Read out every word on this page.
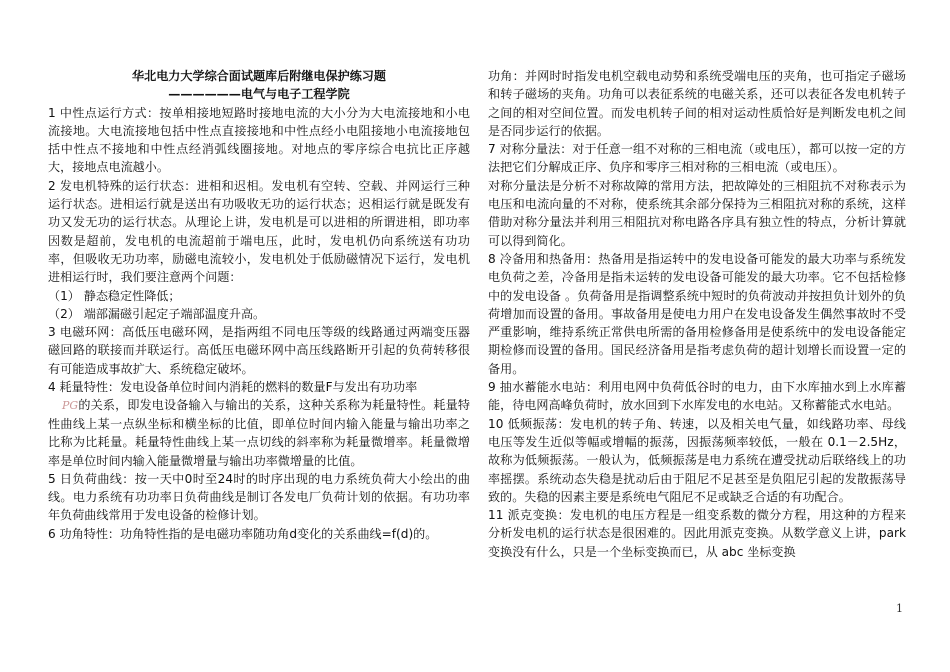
华北电力大学综合面试题库后附继电保护练习题
——————电气与电子工程学院

1 中性点运行方式：按单相接地短路时接地电流的大小分为大电流接地和小电流接地。大电流接地包括中性点直接接地和中性点经小电阻接地小电流接地包括中性点不接地和中性点经消弧线圈接地。对地点的零序综合电抗比正序越大，接地点电流越小。

2 发电机特殊的运行状态：进相和迟相。发电机有空转、空载、并网运行三种运行状态。进相运行就是送出有功吸收无功的运行状态；迟相运行就是既发有功又发无功的运行状态。从理论上讲，发电机是可以进相的所谓进相，即功率因数是超前，发电机的电流超前于端电压，此时，发电机仍向系统送有功功率，但吸收无功功率，励磁电流较小，发电机处于低励磁情况下运行，发电机进相运行时，我们要注意两个问题：

（1） 静态稳定性降低；

（2） 端部漏磁引起定子端部温度升高。

3 电磁环网：高低压电磁环网，是指两组不同电压等级的线路通过两端变压器磁回路的联接而并联运行。高低压电磁环网中高压线路断开引起的负荷转移很有可能造成事故扩大、系统稳定破坏。

4 耗量特性：发电设备单位时间内消耗的燃料的数量F与发出有功功率

PG的关系，即发电设备输入与输出的关系，这种关系称为耗量特性。耗量特性曲线上某一点纵坐标和横坐标的比值，即单位时间内输入能量与输出功率之比称为比耗量。耗量特性曲线上某一点切线的斜率称为耗量微增率。耗量微增率是单位时间内输入能量微增量与输出功率微增量的比值。

5 日负荷曲线：按一天中0时至24时的时序出现的电力系统负荷大小绘出的曲线。电力系统有功功率日负荷曲线是制订各发电厂负荷计划的依据。有功功率年负荷曲线常用于发电设备的检修计划。

6 功角特性：功角特性指的是电磁功率随功角d变化的关系曲线=f(d)的。

功角：并网时时指发电机空载电动势和系统受端电压的夹角，也可指定子磁场和转子磁场的夹角。功角可以表征系统的电磁关系，还可以表征各发电机转子之间的相对空间位置。而发电机转子间的相对运动性质恰好是判断发电机之间是否同步运行的依据。

7 对称分量法：对于任意一组不对称的三相电流（或电压），都可以按一定的方法把它们分解成正序、负序和零序三相对称的三相电流（或电压）。

对称分量法是分析不对称故障的常用方法，把故障处的三相阻抗不对称表示为电压和电流向量的不对称，使系统其余部分保持为三相阻抗对称的系统，这样借助对称分量法并利用三相阻抗对称电路各序具有独立性的特点，分析计算就可以得到简化。

8 冷备用和热备用：热备用是指运转中的发电设备可能发的最大功率与系统发电负荷之差，冷备用是指未运转的发电设备可能发的最大功率。它不包括检修中的发电设备 。负荷备用是指调整系统中短时的负荷波动并按担负计划外的负荷增加而设置的备用。事故备用是使电力用户在发电设备发生偶然事故时不受严重影响，维持系统正常供电所需的备用检修备用是使系统中的发电设备能定期检修而设置的备用。国民经济备用是指考虑负荷的超计划增长而设置一定的备用。

9 抽水蓄能水电站：利用电网中负荷低谷时的电力，由下水库抽水到上水库蓄能，待电网高峰负荷时，放水回到下水库发电的水电站。又称蓄能式水电站。

10 低频振荡：发电机的转子角、转速，以及相关电气量，如线路功率、母线电压等发生近似等幅或增幅的振荡，因振荡频率较低，一般在 0.1－2.5Hz，故称为低频振荡。一般认为，低频振荡是电力系统在遭受扰动后联络线上的功率摇摆。系统动态失稳是扰动后由于阻尼不足甚至是负阻尼引起的发散振荡导致的。失稳的因素主要是系统电气阻尼不足或缺乏合适的有功配合。

11 派克变换：发电机的电压方程是一组变系数的微分方程，用这种的方程来分析发电机的运行状态是很困难的。因此用派克变换。从数学意义上讲，park 变换没有什么，只是一个坐标变换而已，从 abc 坐标变换

1
